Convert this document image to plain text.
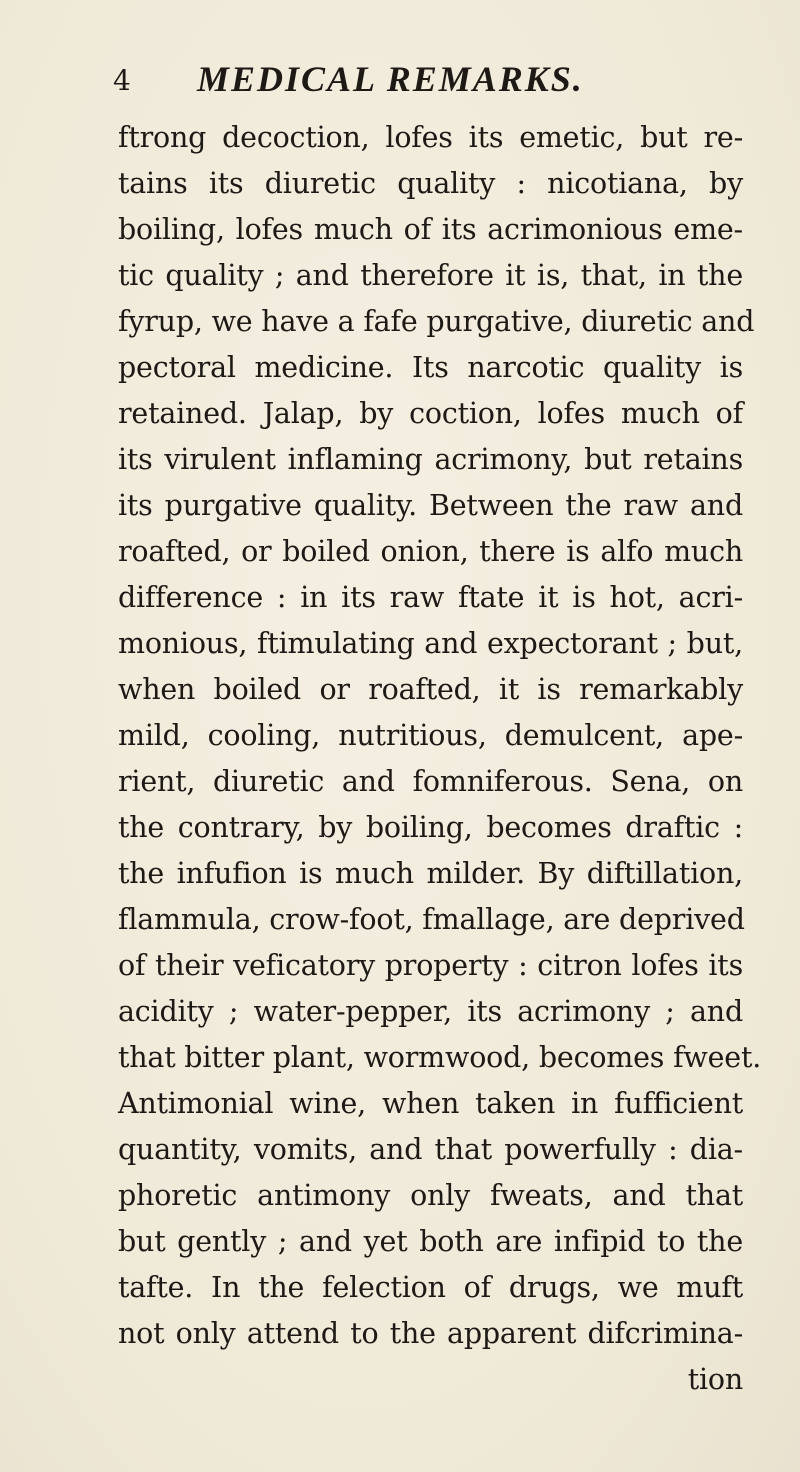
4 MEDICAL REMARKS.
ftrong decoction, lofes its emetic, but re-
tains its diuretic quality : nicotiana, by
boiling, lofes much of its acrimonious eme-
tic quality ; and therefore it is, that, in the
fyrup, we have a fafe purgative, diuretic and
pectoral medicine. Its narcotic quality is
retained. Jalap, by coction, lofes much of
its virulent inflaming acrimony, but retains
its purgative quality. Between the raw and
roafted, or boiled onion, there is alfo much
difference : in its raw ftate it is hot, acri-
monious, ftimulating and expectorant ; but,
when boiled or roafted, it is remarkably
mild, cooling, nutritious, demulcent, ape-
rient, diuretic and fomniferous. Sena, on
the contrary, by boiling, becomes draftic :
the infufion is much milder. By diftillation,
flammula, crow-foot, fmallage, are deprived
of their veficatory property : citron lofes its
acidity ; water-pepper, its acrimony ; and
that bitter plant, wormwood, becomes fweet.
Antimonial wine, when taken in fufficient
quantity, vomits, and that powerfully : dia-
phoretic antimony only fweats, and that
but gently ; and yet both are infipid to the
tafte. In the felection of drugs, we muft
not only attend to the apparent difcrimina-
tion
